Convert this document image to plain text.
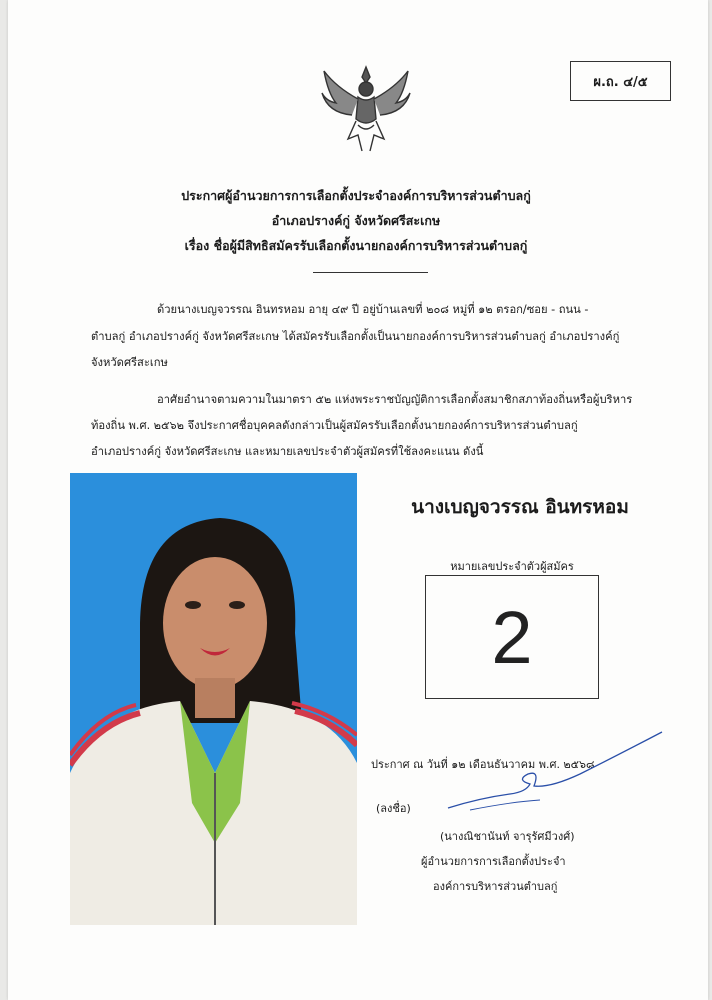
ผ.ถ. ๔/๕
ประกาศผู้อำนวยการการเลือกตั้งประจำองค์การบริหารส่วนตำบลกู่
อำเภอปรางค์กู่ จังหวัดศรีสะเกษ
เรื่อง ชื่อผู้มีสิทธิสมัครรับเลือกตั้งนายกองค์การบริหารส่วนตำบลกู่
ด้วยนางเบญจวรรณ อินทรหอม อายุ ๔๙ ปี อยู่บ้านเลขที่ ๒๐๘ หมู่ที่ ๑๒ ตรอก/ซอย - ถนน -
ตำบลกู่ อำเภอปรางค์กู่ จังหวัดศรีสะเกษ ได้สมัครรับเลือกตั้งเป็นนายกองค์การบริหารส่วนตำบลกู่ อำเภอปรางค์กู่
จังหวัดศรีสะเกษ
อาศัยอำนาจตามความในมาตรา ๕๒ แห่งพระราชบัญญัติการเลือกตั้งสมาชิกสภาท้องถิ่นหรือผู้บริหาร
ท้องถิ่น พ.ศ. ๒๕๖๒ จึงประกาศชื่อบุคคลดังกล่าวเป็นผู้สมัครรับเลือกตั้งนายกองค์การบริหารส่วนตำบลกู่
อำเภอปรางค์กู่ จังหวัดศรีสะเกษ และหมายเลขประจำตัวผู้สมัครที่ใช้ลงคะแนน ดังนี้
นางเบญจวรรณ อินทรหอม
หมายเลขประจำตัวผู้สมัคร
2
ประกาศ ณ วันที่ ๑๒ เดือนธันวาคม พ.ศ. ๒๕๖๘
(ลงชื่อ)
(นางณิชานันท์ จารุรัศมีวงศ์)
ผู้อำนวยการการเลือกตั้งประจำ
องค์การบริหารส่วนตำบลกู่
